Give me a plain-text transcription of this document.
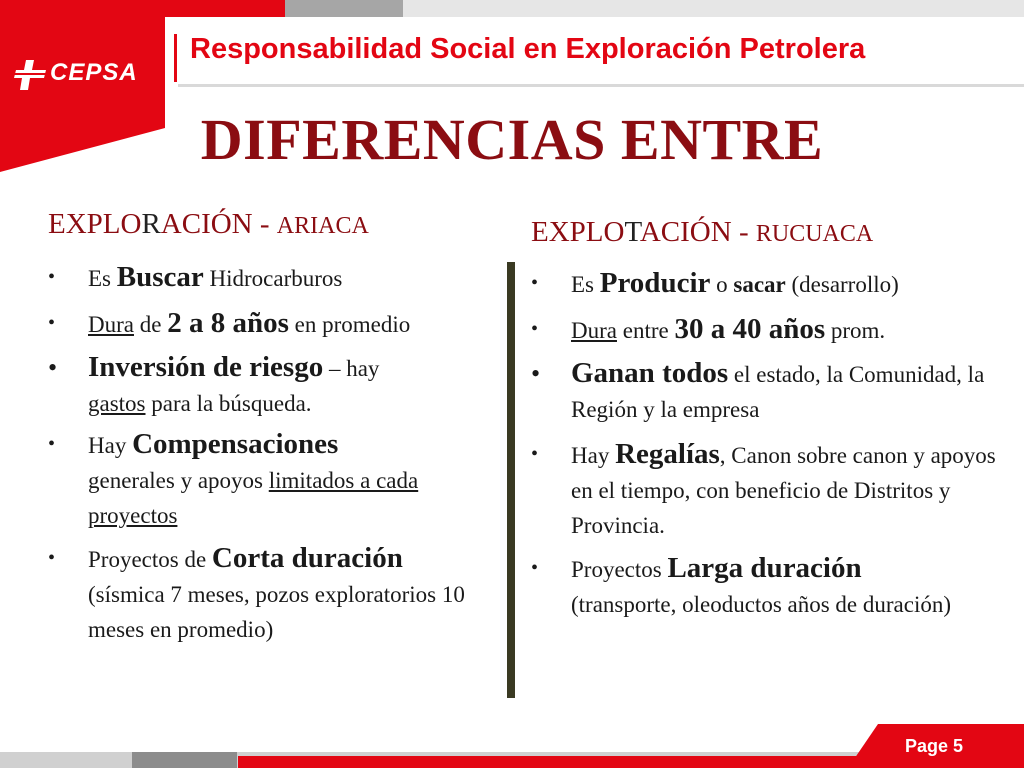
CEPSA
Responsabilidad Social en Exploración Petrolera
DIFERENCIAS ENTRE
EXPLORACIÓN - ARIACA
• Es Buscar Hidrocarburos
• Dura de 2 a 8 años en promedio
• Inversión de riesgo – hay
gastos para la búsqueda.
• Hay Compensaciones
generales y apoyos limitados a cada proyectos
• Proyectos de Corta duración
(sísmica 7 meses, pozos exploratorios 10 meses en promedio)
EXPLOTACIÓN - RUCUACA
• Es Producir o sacar (desarrollo)
• Dura entre 30 a 40 años prom.
• Ganan todos el estado, la Comunidad, la Región y la empresa
• Hay Regalías, Canon sobre canon y apoyos en el tiempo, con beneficio de Distritos y Provincia.
• Proyectos Larga duración
(transporte, oleoductos años de duración)
Page 5
